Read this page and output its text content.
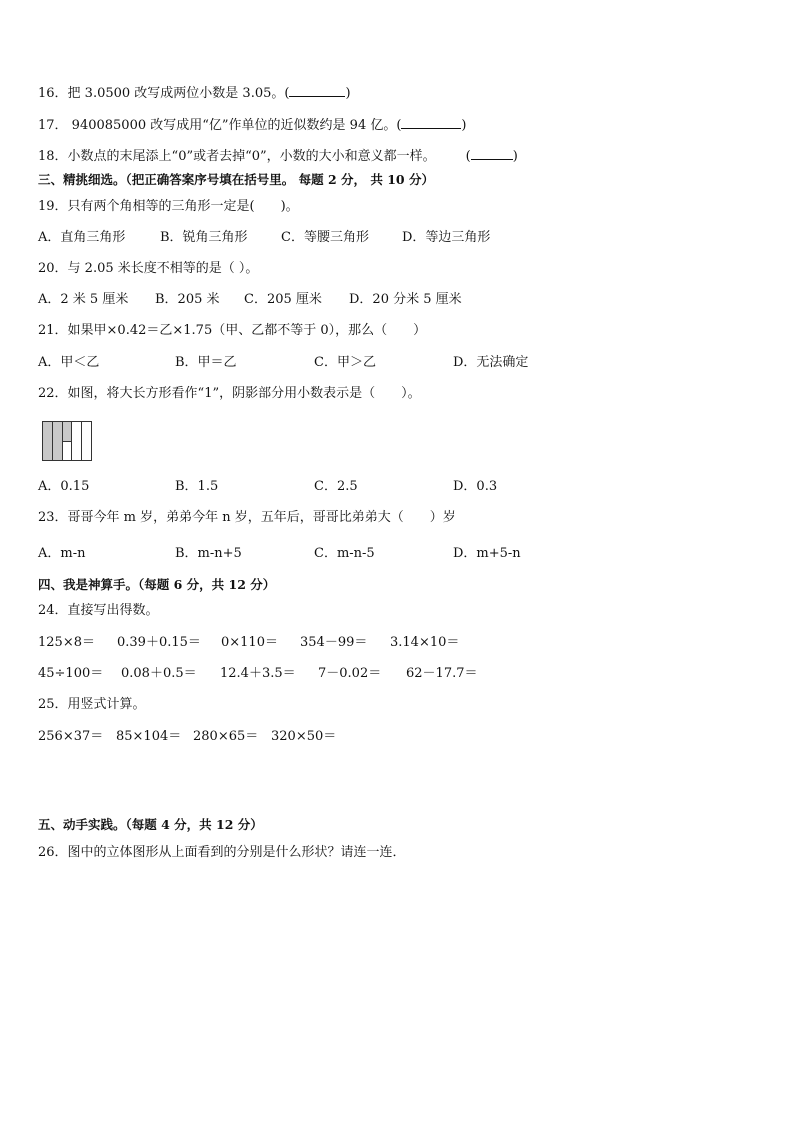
16．把 3.0500 改写成两位小数是 3.05。(	)
17． 940085000 改写成用“亿”作单位的近似数约是 94 亿。(	)
18．小数点的末尾添上“0”或者去掉“0”，小数的大小和意义都一样。 (	)
三、精挑细选。（把正确答案序号填在括号里。 每题 2 分， 共 10 分）
19．只有两个角相等的三角形一定是(　　)。
A．直角三角形	B．锐角三角形	C．等腰三角形	D．等边三角形
20．与 2.05 米长度不相等的是（ ）。
A．2 米 5 厘米 B．205 米 C．205 厘米 D．20 分米 5 厘米
21．如果甲×0.42＝乙×1.75（甲、乙都不等于 0），那么（　　）
A．甲＜乙	B．甲＝乙	C．甲＞乙	D．无法确定
22．如图，将大长方形看作“1”，阴影部分用小数表示是（　　）。
A．0.15	B．1.5	C．2.5	D．0.3
23．哥哥今年 m 岁，弟弟今年 n 岁，五年后，哥哥比弟弟大（　　）岁
A．m-n	B．m-n+5	C．m-n-5	D．m+5-n
四、我是神算手。（每题 6 分，共 12 分）
24．直接写出得数。
125×8＝ 0.39＋0.15＝ 0×110＝ 354－99＝ 3.14×10＝
45÷100＝ 0.08＋0.5＝ 12.4＋3.5＝ 7－0.02＝ 62－17.7＝
25．用竖式计算。
256×37＝ 85×104＝ 280×65＝ 320×50＝
五、动手实践。（每题 4 分，共 12 分）
26．图中的立体图形从上面看到的分别是什么形状？请连一连．
